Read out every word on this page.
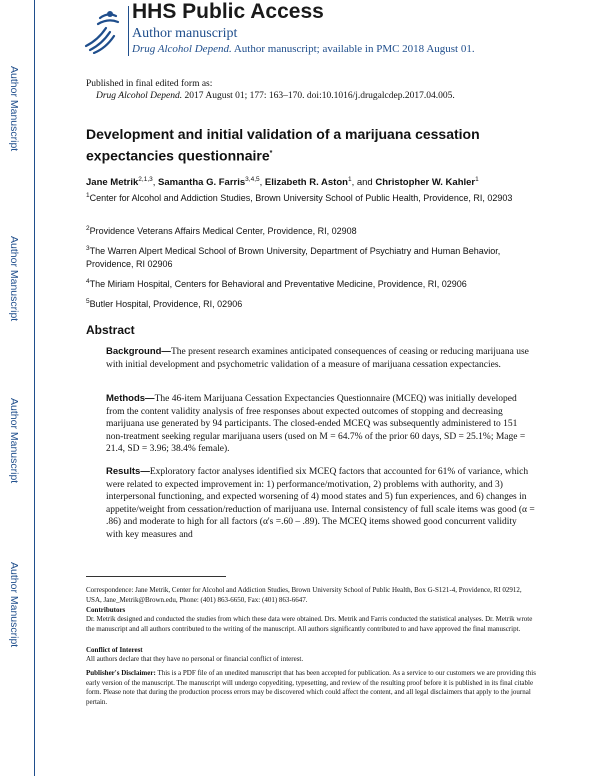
Author Manuscript
Author Manuscript
Author Manuscript
Author Manuscript
HHS Public Access
Author manuscript
Drug Alcohol Depend. Author manuscript; available in PMC 2018 August 01.
Published in final edited form as:
Drug Alcohol Depend. 2017 August 01; 177: 163–170. doi:10.1016/j.drugalcdep.2017.04.005.
Development and initial validation of a marijuana cessation expectancies questionnaire*
Jane Metrik$^{2,1,3}$, Samantha G. Farris$^{3,4,5}$, Elizabeth R. Aston$^1$, and Christopher W. Kahler$^1$
$^1$Center for Alcohol and Addiction Studies, Brown University School of Public Health, Providence, RI, 02903
$^2$Providence Veterans Affairs Medical Center, Providence, RI, 02908
$^3$The Warren Alpert Medical School of Brown University, Department of Psychiatry and Human Behavior, Providence, RI 02906
$^4$The Miriam Hospital, Centers for Behavioral and Preventative Medicine, Providence, RI, 02906
$^5$Butler Hospital, Providence, RI, 02906
Abstract
Background—The present research examines anticipated consequences of ceasing or reducing marijuana use with initial development and psychometric validation of a measure of marijuana cessation expectancies.
Methods—The 46-item Marijuana Cessation Expectancies Questionnaire (MCEQ) was initially developed from the content validity analysis of free responses about expected outcomes of stopping and decreasing marijuana use generated by 94 participants. The closed-ended MCEQ was subsequently administered to 151 non-treatment seeking regular marijuana users (used on M = 64.7% of the prior 60 days, SD = 25.1%; Mage = 21.4, SD = 3.96; 38.4% female).
Results—Exploratory factor analyses identified six MCEQ factors that accounted for 61% of variance, which were related to expected improvement in: 1) performance/motivation, 2) problems with authority, and 3) interpersonal functioning, and expected worsening of 4) mood states and 5) fun experiences, and 6) changes in appetite/weight from cessation/reduction of marijuana use. Internal consistency of full scale items was good (α = .86) and moderate to high for all factors (α's =.60 – .89). The MCEQ items showed good concurrent validity with key measures and
Correspondence: Jane Metrik, Center for Alcohol and Addiction Studies, Brown University School of Public Health, Box G-S121-4, Providence, RI 02912, USA, Jane_Metrik@Brown.edu, Phone: (401) 863-6650, Fax: (401) 863-6647.
Contributors
Dr. Metrik designed and conducted the studies from which these data were obtained. Drs. Metrik and Farris conducted the statistical analyses. Dr. Metrik wrote the manuscript and all authors contributed to the writing of the manuscript. All authors significantly contributed to and have approved the final manuscript.
Conflict of Interest
All authors declare that they have no personal or financial conflict of interest.
Publisher's Disclaimer: This is a PDF file of an unedited manuscript that has been accepted for publication. As a service to our customers we are providing this early version of the manuscript. The manuscript will undergo copyediting, typesetting, and review of the resulting proof before it is published in its final citable form. Please note that during the production process errors may be discovered which could affect the content, and all legal disclaimers that apply to the journal pertain.
